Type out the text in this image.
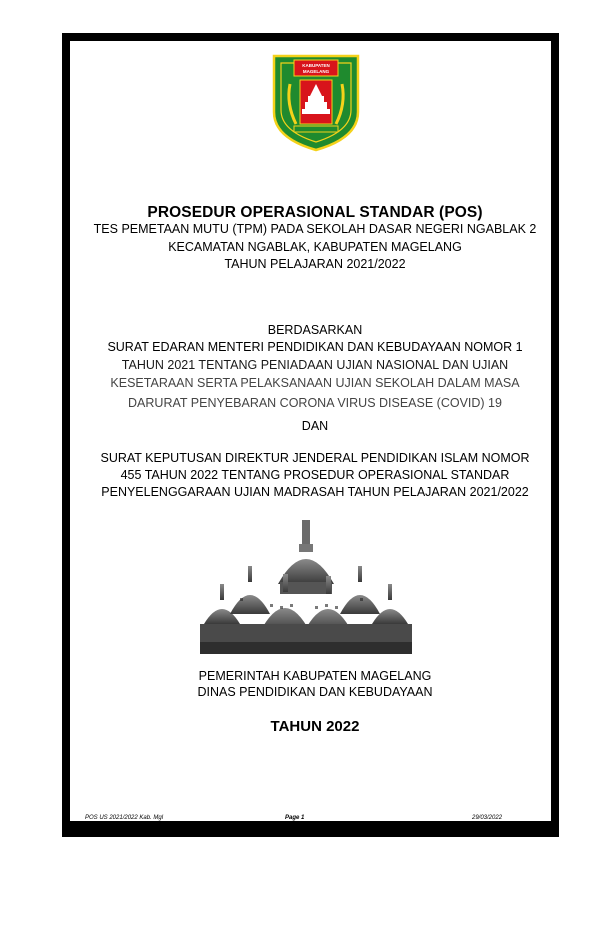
KABUPATEN
MAGELANG
PROSEDUR OPERASIONAL STANDAR (POS)
TES PEMETAAN MUTU (TPM) PADA SEKOLAH DASAR NEGERI NGABLAK 2
KECAMATAN NGABLAK, KABUPATEN MAGELANG
TAHUN PELAJARAN 2021/2022
BERDASARKAN
SURAT EDARAN MENTERI PENDIDIKAN DAN KEBUDAYAAN NOMOR 1
TAHUN 2021 TENTANG PENIADAAN UJIAN NASIONAL DAN UJIAN
KESETARAAN SERTA PELAKSANAAN UJIAN SEKOLAH DALAM MASA
DARURAT PENYEBARAN CORONA VIRUS DISEASE (COVID) 19
DAN
SURAT KEPUTUSAN DIREKTUR JENDERAL PENDIDIKAN ISLAM NOMOR
455 TAHUN 2022 TENTANG PROSEDUR OPERASIONAL STANDAR
PENYELENGGARAAN UJIAN MADRASAH TAHUN PELAJARAN 2021/2022
PEMERINTAH KABUPATEN MAGELANG
DINAS PENDIDIKAN DAN KEBUDAYAAN
TAHUN 2022
POS US 2021/2022 Kab. Mgl	Page 1	29/03/2022
